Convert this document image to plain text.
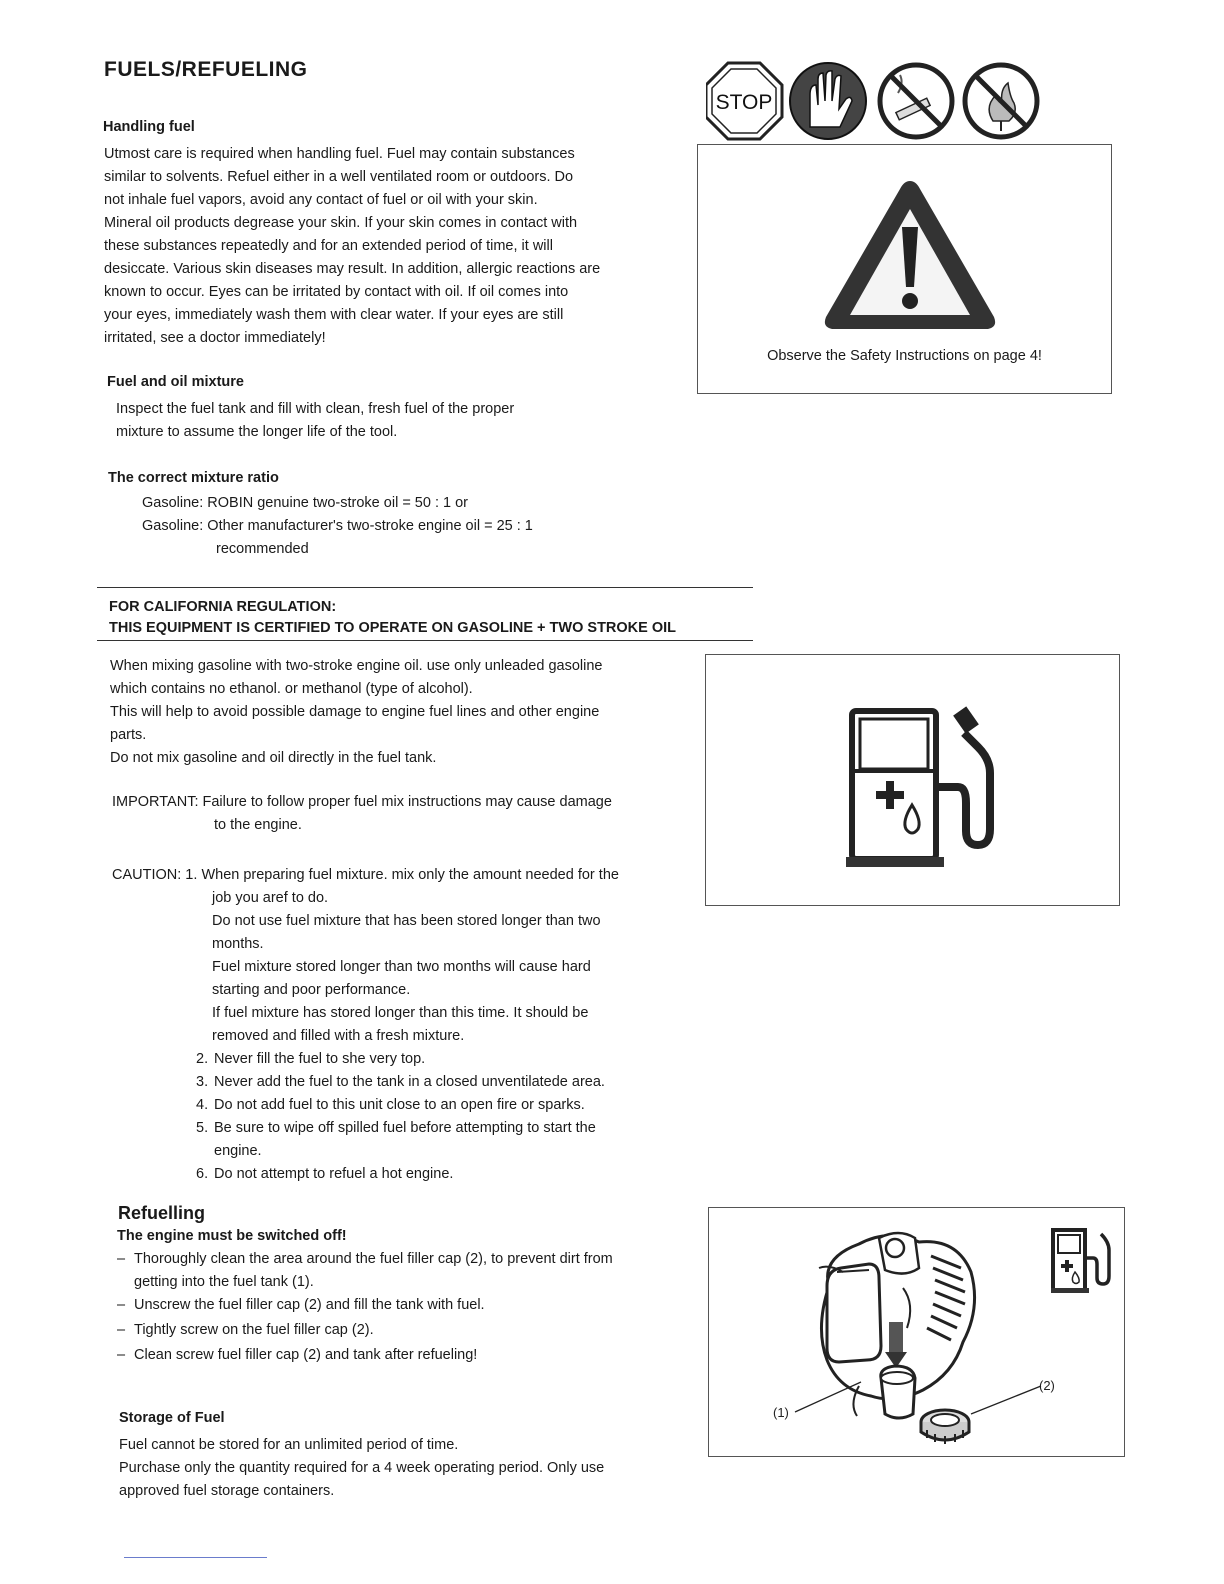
FUELS/REFUELING
Handling fuel
Utmost care is required when handling fuel. Fuel may contain substances
similar to solvents. Refuel either in a well ventilated room or outdoors. Do
not inhale fuel vapors, avoid any contact of fuel or oil with your skin.
Mineral oil products degrease your skin. If your skin comes in contact with
these substances repeatedly and for an extended period of time, it will
desiccate. Various skin diseases may result. In addition, allergic reactions are
known to occur. Eyes can be irritated by contact with oil. If oil comes into
your eyes, immediately wash them with clear water. If your eyes are still
irritated, see a doctor immediately!
Fuel and oil mixture
Inspect the fuel tank and fill with clean, fresh fuel of the proper
mixture to assume the longer life of the tool.
The correct mixture ratio
Gasoline: ROBIN genuine two-stroke oil = 50 : 1 or
Gasoline: Other manufacturer's two-stroke engine oil = 25 : 1
recommended
FOR CALIFORNIA REGULATION:
THIS EQUIPMENT IS CERTIFIED TO OPERATE ON GASOLINE + TWO STROKE OIL
When mixing gasoline with two-stroke engine oil. use only unleaded gasoline
which contains no ethanol. or methanol (type of alcohol).
This will help to avoid possible damage to engine fuel lines and other engine
parts.
Do not mix gasoline and oil directly in the fuel tank.
IMPORTANT: Failure to follow proper fuel mix instructions may cause damage
to the engine.
CAUTION: 1. When preparing fuel mixture. mix only the amount needed for the
job you aref to do.
Do not use fuel mixture that has been stored longer than two
months.
Fuel mixture stored longer than two months will cause hard
starting and poor performance.
If fuel mixture has stored longer than this time. It should be
removed and filled with a fresh mixture.
2. Never fill the fuel to she very top.
3. Never add the fuel to the tank in a closed unventilatede area.
4. Do not add fuel to this unit close to an open fire or sparks.
5. Be sure to wipe off spilled fuel before attempting to start the
engine.
6. Do not attempt to refuel a hot engine.
Refuelling
The engine must be switched off!
– Thoroughly clean the area around the fuel filler cap (2), to prevent dirt from
getting into the fuel tank (1).
– Unscrew the fuel filler cap (2) and fill the tank with fuel.
– Tightly screw on the fuel filler cap (2).
– Clean screw fuel filler cap (2) and tank after refueling!
Storage of Fuel
Fuel cannot be stored for an unlimited period of time.
Purchase only the quantity required for a 4 week operating period. Only use
approved fuel storage containers.
STOP
Observe the Safety Instructions on page 4!
(1)
(2)
